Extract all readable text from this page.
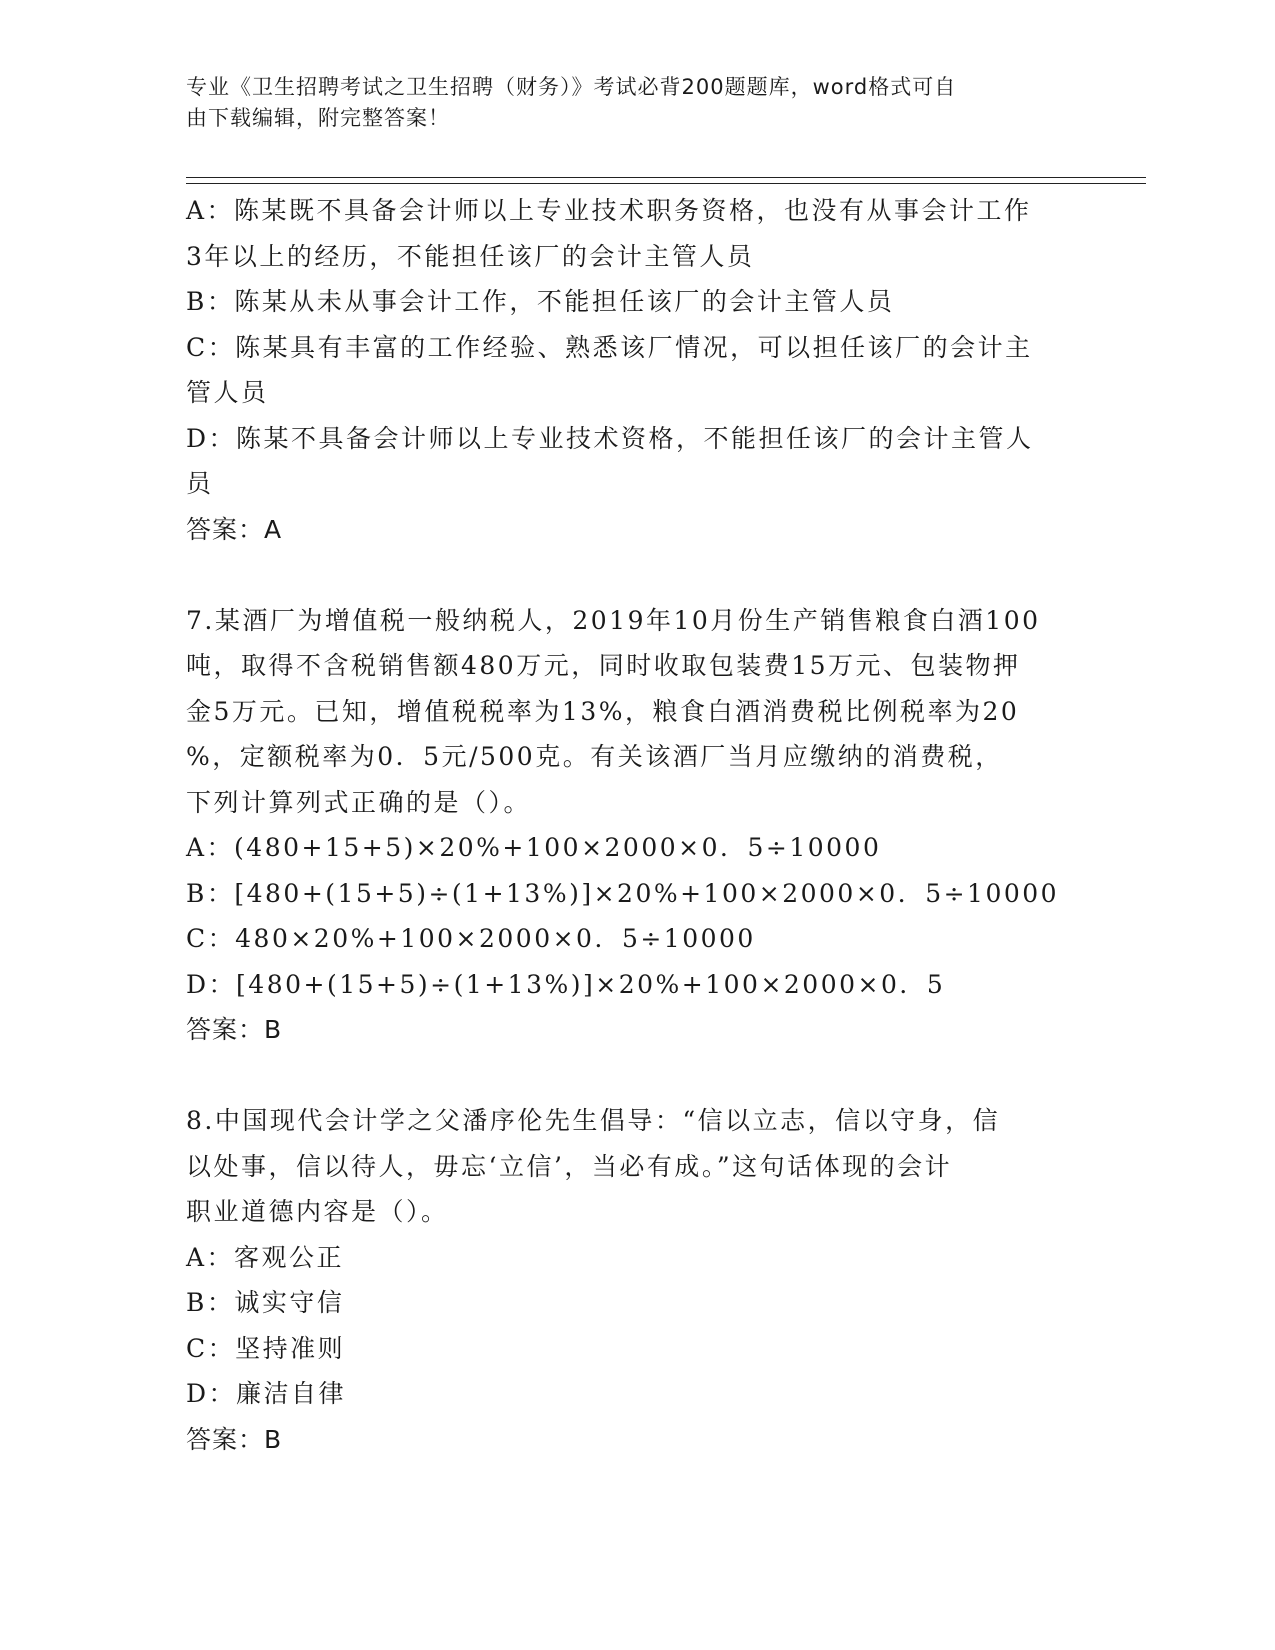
专业《卫生招聘考试之卫生招聘（财务）》考试必背200题题库，word格式可自
由下载编辑，附完整答案！
A：陈某既不具备会计师以上专业技术职务资格，也没有从事会计工作
3年以上的经历，不能担任该厂的会计主管人员
B：陈某从未从事会计工作，不能担任该厂的会计主管人员
C：陈某具有丰富的工作经验、熟悉该厂情况，可以担任该厂的会计主
管人员
D：陈某不具备会计师以上专业技术资格，不能担任该厂的会计主管人
员
答案：A
7.某酒厂为增值税一般纳税人，2019年10月份生产销售粮食白酒100
吨，取得不含税销售额480万元，同时收取包装费15万元、包装物押
金5万元。已知，增值税税率为13%，粮食白酒消费税比例税率为20
%，定额税率为0．5元/500克。有关该酒厂当月应缴纳的消费税，
下列计算列式正确的是（）。
A：(480+15+5)×20%+100×2000×0．5÷10000
B：[480+(15+5)÷(1+13%)]×20%+100×2000×0．5÷10000
C：480×20%+100×2000×0．5÷10000
D：[480+(15+5)÷(1+13%)]×20%+100×2000×0．5
答案：B
8.中国现代会计学之父潘序伦先生倡导：“信以立志，信以守身，信
以处事，信以待人，毋忘‘立信’，当必有成。”这句话体现的会计
职业道德内容是（）。
A：客观公正
B：诚实守信
C：坚持准则
D：廉洁自律
答案：B
